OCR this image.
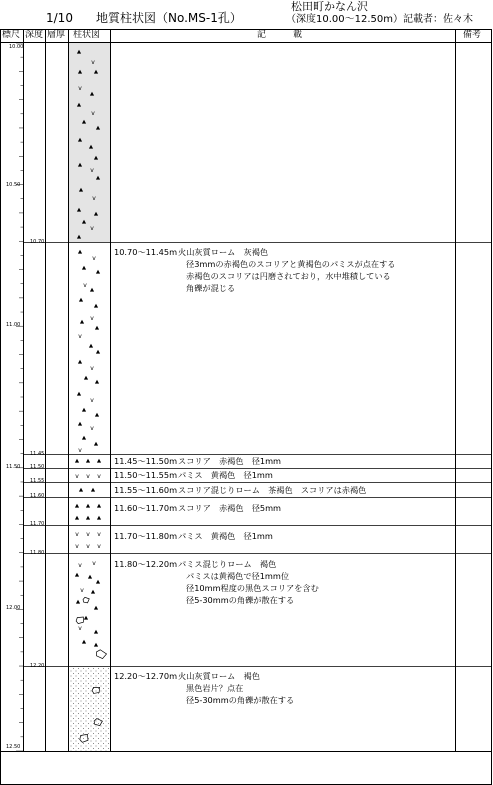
1/10 地質柱状図（No.MS-1孔）
松田町かなん沢
（深度10.00～12.50m）記載者：佐々木
v
v
v
v
v
v
v
v
v
v
v
v
v
v
v v v
v v v
v v v
v v
v
v
標尺 深度 層厚 柱状図	記　　　載	備考
10.00
10.50
11.00
11.50
12.00
12.50
10.70
11.45
11.50
11.55
11.60
11.70
11.80
12.20
10.70～11.45m 火山灰質ローム　灰褐色
径3mmの赤褐色のスコリアと黄褐色のパミスが点在する
赤褐色のスコリアは円磨されており，水中堆積している
角礫が混じる
11.45～11.50m スコリア　赤褐色　径1mm
11.50～11.55m パミス　黄褐色　径1mm
11.55～11.60m スコリア混じりローム　茶褐色　スコリアは赤褐色
11.60～11.70m スコリア　赤褐色　径5mm
11.70～11.80m パミス　黄褐色　径1mm
11.80～12.20m パミス混じりローム　褐色
パミスは黄褐色で径1mm位
径10mm程度の黒色スコリアを含む
径5-30mmの角礫が散在する
12.20～12.70m 火山灰質ローム　褐色
黒色岩片？点在
径5-30mmの角礫が散在する
